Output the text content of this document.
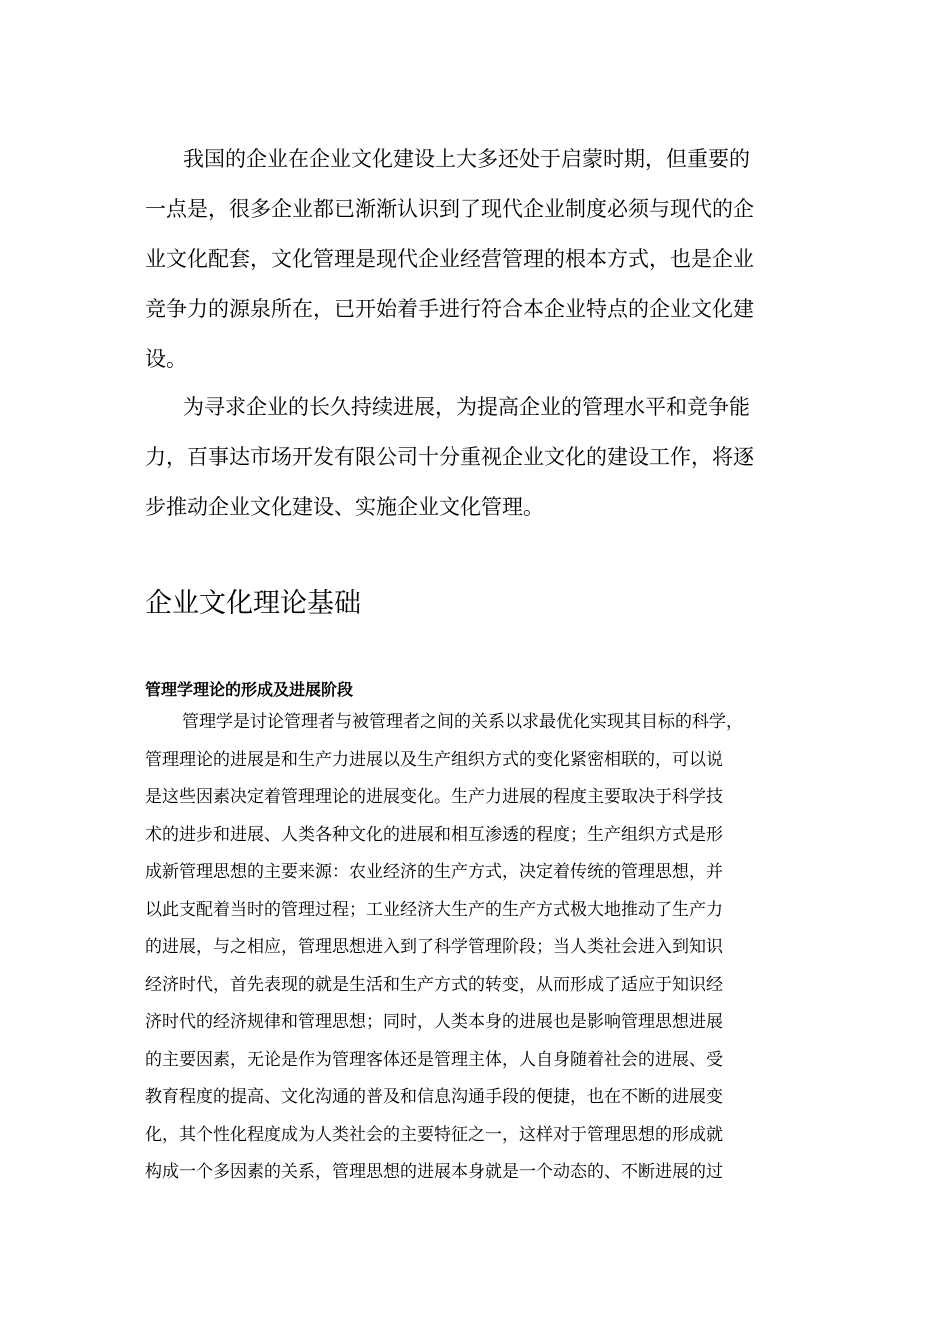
我国的企业在企业文化建设上大多还处于启蒙时期，但重要的
一点是，很多企业都已渐渐认识到了现代企业制度必须与现代的企
业文化配套，文化管理是现代企业经营管理的根本方式，也是企业
竞争力的源泉所在，已开始着手进行符合本企业特点的企业文化建
设。
为寻求企业的长久持续进展，为提高企业的管理水平和竞争能
力，百事达市场开发有限公司十分重视企业文化的建设工作，将逐
步推动企业文化建设、实施企业文化管理。
企业文化理论基础
管理学理论的形成及进展阶段
管理学是讨论管理者与被管理者之间的关系以求最优化实现其目标的科学，
管理理论的进展是和生产力进展以及生产组织方式的变化紧密相联的，可以说
是这些因素决定着管理理论的进展变化。生产力进展的程度主要取决于科学技
术的进步和进展、人类各种文化的进展和相互渗透的程度；生产组织方式是形
成新管理思想的主要来源：农业经济的生产方式，决定着传统的管理思想，并
以此支配着当时的管理过程；工业经济大生产的生产方式极大地推动了生产力
的进展，与之相应，管理思想进入到了科学管理阶段；当人类社会进入到知识
经济时代，首先表现的就是生活和生产方式的转变，从而形成了适应于知识经
济时代的经济规律和管理思想；同时，人类本身的进展也是影响管理思想进展
的主要因素，无论是作为管理客体还是管理主体，人自身随着社会的进展、受
教育程度的提高、文化沟通的普及和信息沟通手段的便捷，也在不断的进展变
化，其个性化程度成为人类社会的主要特征之一，这样对于管理思想的形成就
构成一个多因素的关系，管理思想的进展本身就是一个动态的、不断进展的过
